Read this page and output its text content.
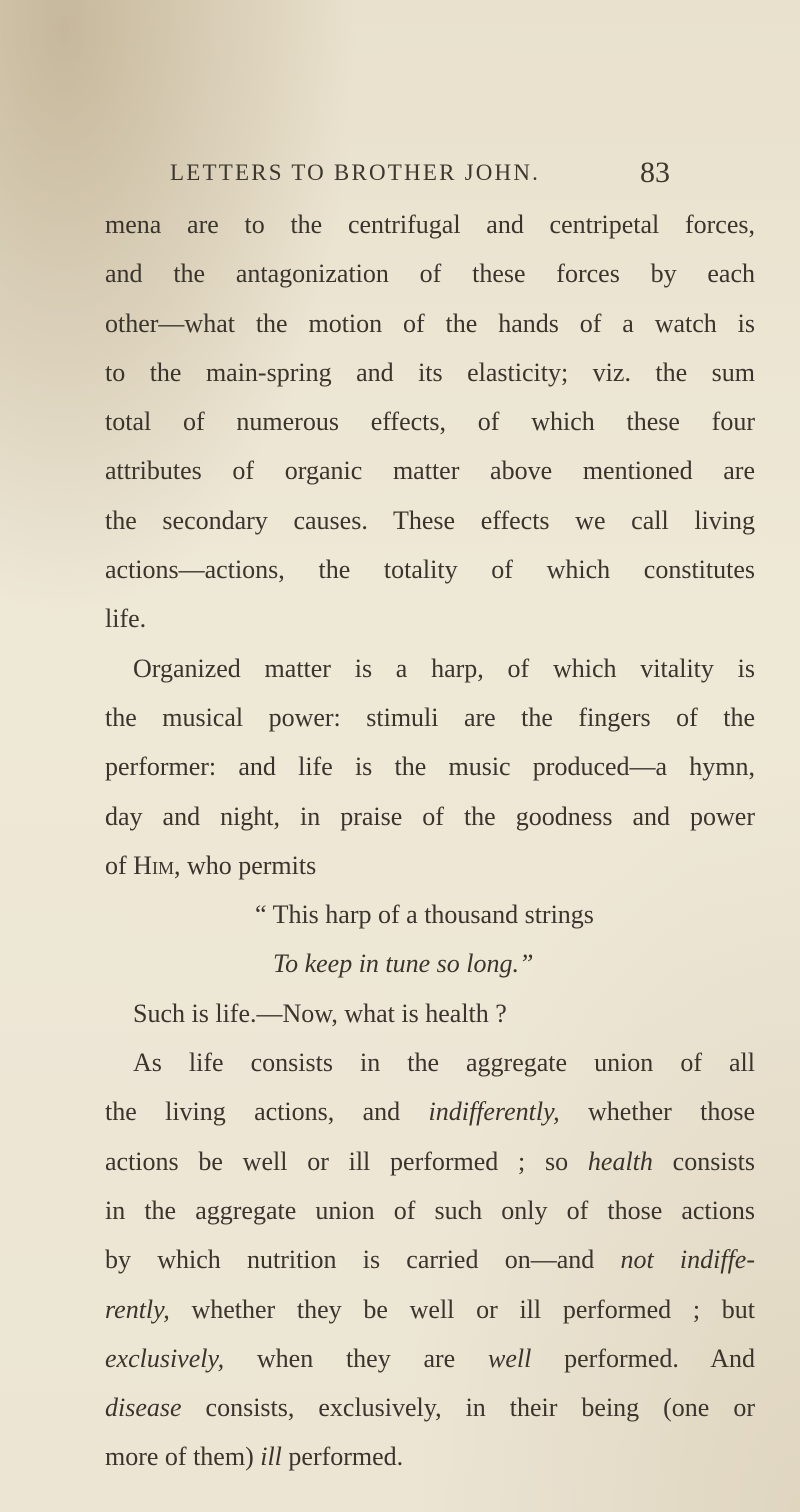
LETTERS TO BROTHER JOHN.	83
mena are to the centrifugal and centripetal forces,
and the antagonization of these forces by each
other—what the motion of the hands of a watch is
to the main-spring and its elasticity; viz. the sum
total of numerous effects, of which these four
attributes of organic matter above mentioned are
the secondary causes. These effects we call living
actions—actions, the totality of which constitutes
life.
Organized matter is a harp, of which vitality is
the musical power: stimuli are the fingers of the
performer: and life is the music produced—a hymn,
day and night, in praise of the goodness and power
of Him, who permits
“ This harp of a thousand strings
To keep in tune so long.”
Such is life.—Now, what is health ?
As life consists in the aggregate union of all
the living actions, and indifferently, whether those
actions be well or ill performed ; so health consists
in the aggregate union of such only of those actions
by which nutrition is carried on—and not indiffe-
rently, whether they be well or ill performed ; but
exclusively, when they are well performed. And
disease consists, exclusively, in their being (one or
more of them) ill performed.
